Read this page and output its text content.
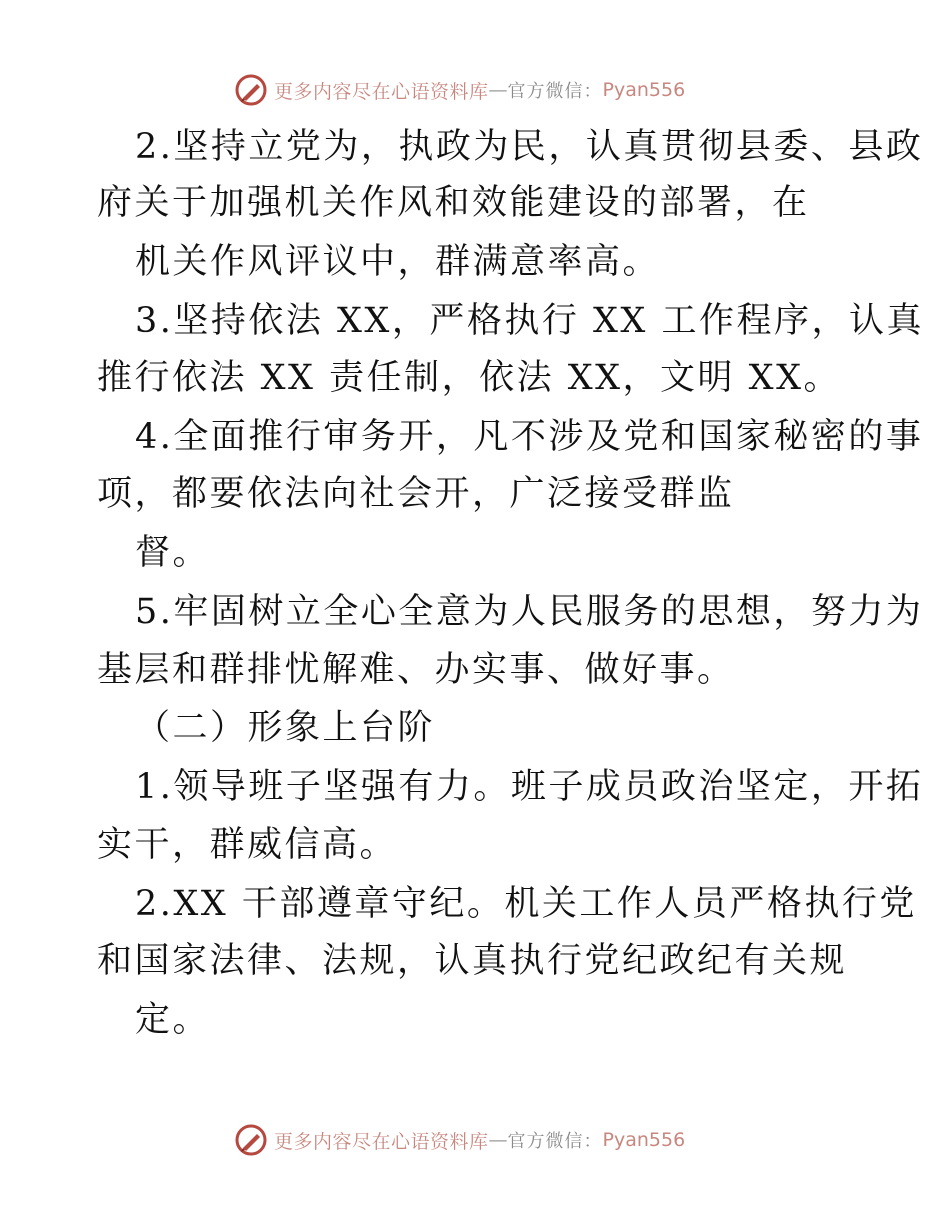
更多内容尽在心语资料库 — 官方微信： Pyan556
2.坚持立党为，执政为民，认真贯彻县委、县政
府关于加强机关作风和效能建设的部署，在
机关作风评议中，群满意率高。
3.坚持依法 XX，严格执行 XX 工作程序，认真
推行依法 XX 责任制，依法 XX，文明 XX。
4.全面推行审务开，凡不涉及党和国家秘密的事
项，都要依法向社会开，广泛接受群监
督。
5.牢固树立全心全意为人民服务的思想，努力为
基层和群排忧解难、办实事、做好事。
（二）形象上台阶
1.领导班子坚强有力。班子成员政治坚定，开拓
实干，群威信高。
2.XX 干部遵章守纪。机关工作人员严格执行党
和国家法律、法规，认真执行党纪政纪有关规
定。
更多内容尽在心语资料库 — 官方微信： Pyan556
